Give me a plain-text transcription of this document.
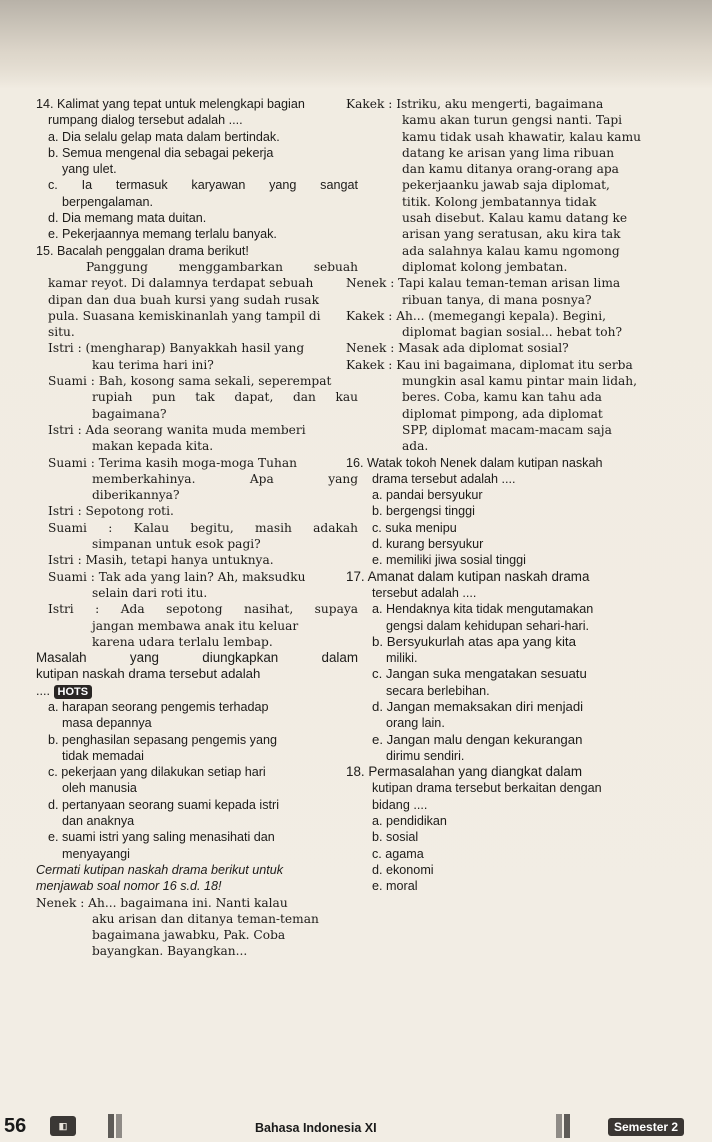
14. Kalimat yang tepat untuk melengkapi bagian
rumpang dialog tersebut adalah ....
a. Dia selalu gelap mata dalam bertindak.
b. Semua mengenal dia sebagai pekerja
yang ulet.
c. Ia termasuk karyawan yang sangat
berpengalaman.
d. Dia memang mata duitan.
e. Pekerjaannya memang terlalu banyak.
15. Bacalah penggalan drama berikut!
Panggung menggambarkan sebuah
kamar reyot. Di dalamnya terdapat sebuah
dipan dan dua buah kursi yang sudah rusak
pula. Suasana kemiskinanlah yang tampil di
situ.
Istri : (mengharap) Banyakkah hasil yang
kau terima hari ini?
Suami : Bah, kosong sama sekali, seperempat
rupiah pun tak dapat, dan kau
bagaimana?
Istri : Ada seorang wanita muda memberi
makan kepada kita.
Suami : Terima kasih moga-moga Tuhan
memberkahinya. Apa yang
diberikannya?
Istri : Sepotong roti.
Suami : Kalau begitu, masih adakah
simpanan untuk esok pagi?
Istri : Masih, tetapi hanya untuknya.
Suami : Tak ada yang lain? Ah, maksudku
selain dari roti itu.
Istri : Ada sepotong nasihat, supaya
jangan membawa anak itu keluar
karena udara terlalu lembap.
Masalah yang diungkapkan dalam
kutipan naskah drama tersebut adalah
.... HOTS
a. harapan seorang pengemis terhadap
masa depannya
b. penghasilan sepasang pengemis yang
tidak memadai
c. pekerjaan yang dilakukan setiap hari
oleh manusia
d. pertanyaan seorang suami kepada istri
dan anaknya
e. suami istri yang saling menasihati dan
menyayangi
Cermati kutipan naskah drama berikut untuk
menjawab soal nomor 16 s.d. 18!
Nenek : Ah... bagaimana ini. Nanti kalau
aku arisan dan ditanya teman-teman
bagaimana jawabku, Pak. Coba
bayangkan. Bayangkan...
Kakek : Istriku, aku mengerti, bagaimana
kamu akan turun gengsi nanti. Tapi
kamu tidak usah khawatir, kalau kamu
datang ke arisan yang lima ribuan
dan kamu ditanya orang-orang apa
pekerjaanku jawab saja diplomat,
titik. Kolong jembatannya tidak
usah disebut. Kalau kamu datang ke
arisan yang seratusan, aku kira tak
ada salahnya kalau kamu ngomong
diplomat kolong jembatan.
Nenek : Tapi kalau teman-teman arisan lima
ribuan tanya, di mana posnya?
Kakek : Ah... (memegangi kepala). Begini,
diplomat bagian sosial... hebat toh?
Nenek : Masak ada diplomat sosial?
Kakek : Kau ini bagaimana, diplomat itu serba
mungkin asal kamu pintar main lidah,
beres. Coba, kamu kan tahu ada
diplomat pimpong, ada diplomat
SPP, diplomat macam-macam saja
ada.
16. Watak tokoh Nenek dalam kutipan naskah
drama tersebut adalah ....
a. pandai bersyukur
b. bergengsi tinggi
c. suka menipu
d. kurang bersyukur
e. memiliki jiwa sosial tinggi
17. Amanat dalam kutipan naskah drama
tersebut adalah ....
a. Hendaknya kita tidak mengutamakan
gengsi dalam kehidupan sehari-hari.
b. Bersyukurlah atas apa yang kita
miliki.
c. Jangan suka mengatakan sesuatu
secara berlebihan.
d. Jangan memaksakan diri menjadi
orang lain.
e. Jangan malu dengan kekurangan
dirimu sendiri.
18. Permasalahan yang diangkat dalam
kutipan drama tersebut berkaitan dengan
bidang ....
a. pendidikan
b. sosial
c. agama
d. ekonomi
e. moral
56	◧	Bahasa Indonesia XI	Semester 2
